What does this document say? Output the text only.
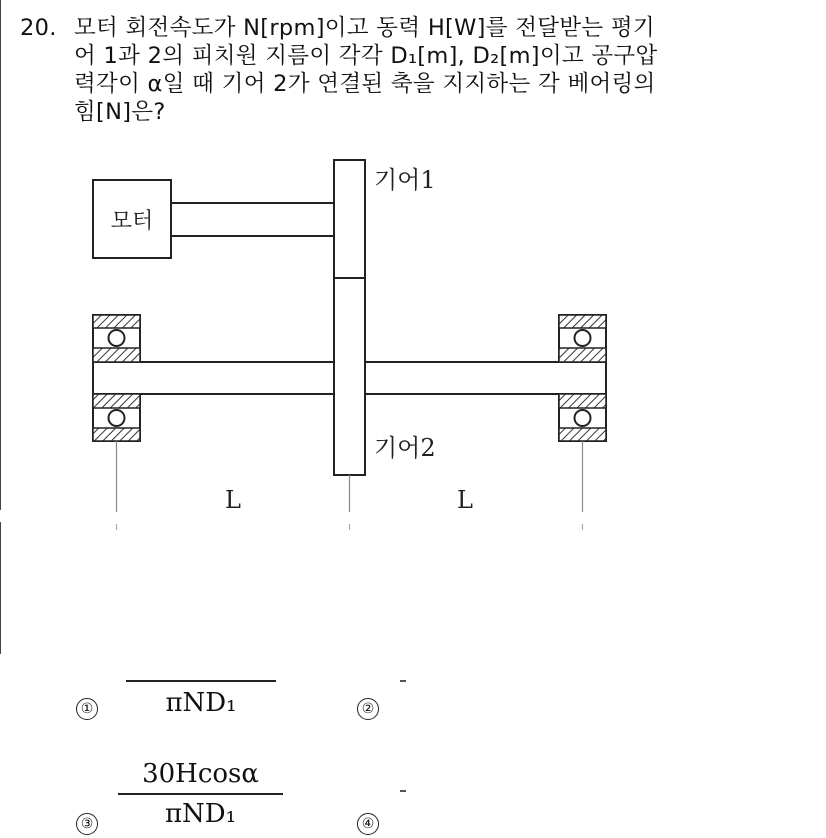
20. 모터 회전속도가 N[rpm]이고 동력 H[W]를 전달받는 평기
어 1과 2의 피치원 지름이 각각 D₁[m], D₂[m]이고 공구압
력각이 α일 때 기어 2가 연결된 축을 지지하는 각 베어링의
힘[N]은?
모터
기어1
기어2
L	L
①	πND₁	②
③
30Hcosα
πND₁	④
